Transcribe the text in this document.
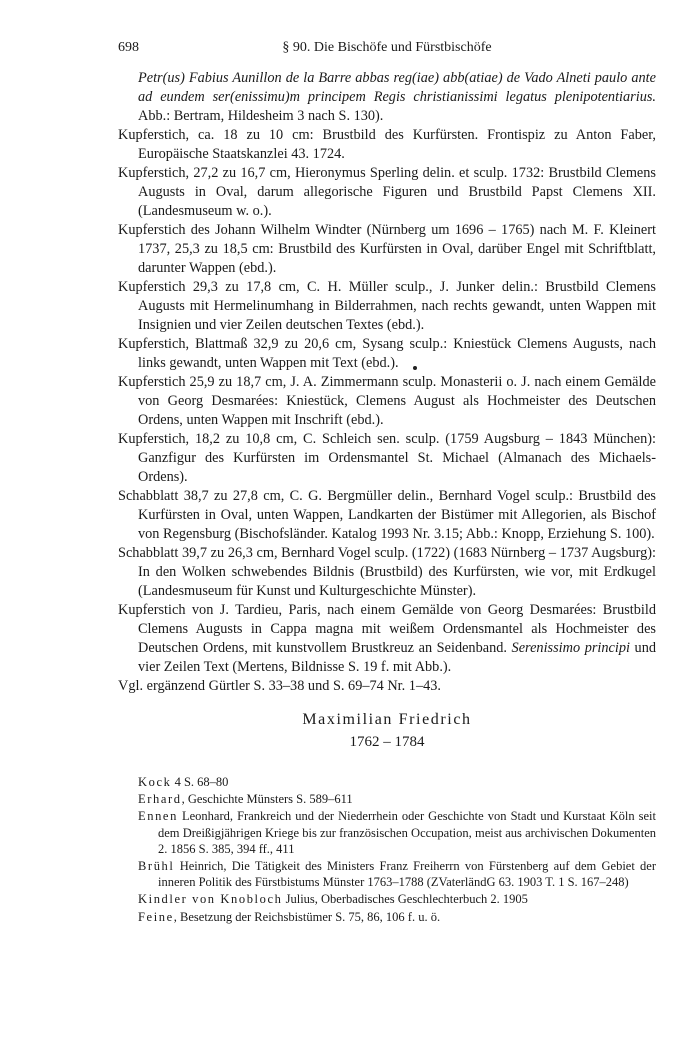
698	§ 90. Die Bischöfe und Fürstbischöfe

Petr(us) Fabius Aunillon de la Barre abbas reg(iae) abb(atiae) de Vado Alneti paulo ante ad eundem ser(enissimu)m principem Regis christianissimi legatus plenipotentiarius. Abb.: Bertram, Hildesheim 3 nach S. 130).

Kupferstich, ca. 18 zu 10 cm: Brustbild des Kurfürsten. Frontispiz zu Anton Faber, Europäische Staatskanzlei 43. 1724.

Kupferstich, 27,2 zu 16,7 cm, Hieronymus Sperling delin. et sculp. 1732: Brustbild Clemens Augusts in Oval, darum allegorische Figuren und Brustbild Papst Clemens XII. (Landesmuseum w. o.).

Kupferstich des Johann Wilhelm Windter (Nürnberg um 1696 – 1765) nach M. F. Kleinert 1737, 25,3 zu 18,5 cm: Brustbild des Kurfürsten in Oval, darüber Engel mit Schriftblatt, darunter Wappen (ebd.).

Kupferstich 29,3 zu 17,8 cm, C. H. Müller sculp., J. Junker delin.: Brustbild Clemens Augusts mit Hermelinumhang in Bilderrahmen, nach rechts gewandt, unten Wappen mit Insignien und vier Zeilen deutschen Textes (ebd.).

Kupferstich, Blattmaß 32,9 zu 20,6 cm, Sysang sculp.: Kniestück Clemens Augusts, nach links gewandt, unten Wappen mit Text (ebd.).

Kupferstich 25,9 zu 18,7 cm, J. A. Zimmermann sculp. Monasterii o. J. nach einem Gemälde von Georg Desmarées: Kniestück, Clemens August als Hochmeister des Deutschen Ordens, unten Wappen mit Inschrift (ebd.).

Kupferstich, 18,2 zu 10,8 cm, C. Schleich sen. sculp. (1759 Augsburg – 1843 München): Ganzfigur des Kurfürsten im Ordensmantel St. Michael (Almanach des Michaels-Ordens).

Schabblatt 38,7 zu 27,8 cm, C. G. Bergmüller delin., Bernhard Vogel sculp.: Brustbild des Kurfürsten in Oval, unten Wappen, Landkarten der Bistümer mit Allegorien, als Bischof von Regensburg (Bischofsländer. Katalog 1993 Nr. 3.15; Abb.: Knopp, Erziehung S. 100).

Schabblatt 39,7 zu 26,3 cm, Bernhard Vogel sculp. (1722) (1683 Nürnberg – 1737 Augsburg): In den Wolken schwebendes Bildnis (Brustbild) des Kurfürsten, wie vor, mit Erdkugel (Landesmuseum für Kunst und Kulturgeschichte Münster).

Kupferstich von J. Tardieu, Paris, nach einem Gemälde von Georg Desmarées: Brustbild Clemens Augusts in Cappa magna mit weißem Ordensmantel als Hochmeister des Deutschen Ordens, mit kunstvollem Brustkreuz an Seidenband. Serenissimo principi und vier Zeilen Text (Mertens, Bildnisse S. 19 f. mit Abb.).

Vgl. ergänzend Gürtler S. 33–38 und S. 69–74 Nr. 1–43.

Maximilian Friedrich
1762 – 1784

Kock 4 S. 68–80

Erhard, Geschichte Münsters S. 589–611

Ennen Leonhard, Frankreich und der Niederrhein oder Geschichte von Stadt und Kurstaat Köln seit dem Dreißigjährigen Kriege bis zur französischen Occupation, meist aus archivischen Dokumenten 2. 1856 S. 385, 394 ff., 411

Brühl Heinrich, Die Tätigkeit des Ministers Franz Freiherrn von Fürstenberg auf dem Gebiet der inneren Politik des Fürstbistums Münster 1763–1788 (ZVaterländG 63. 1903 T. 1 S. 167–248)

Kindler von Knobloch Julius, Oberbadisches Geschlechterbuch 2. 1905

Feine, Besetzung der Reichsbistümer S. 75, 86, 106 f. u. ö.
